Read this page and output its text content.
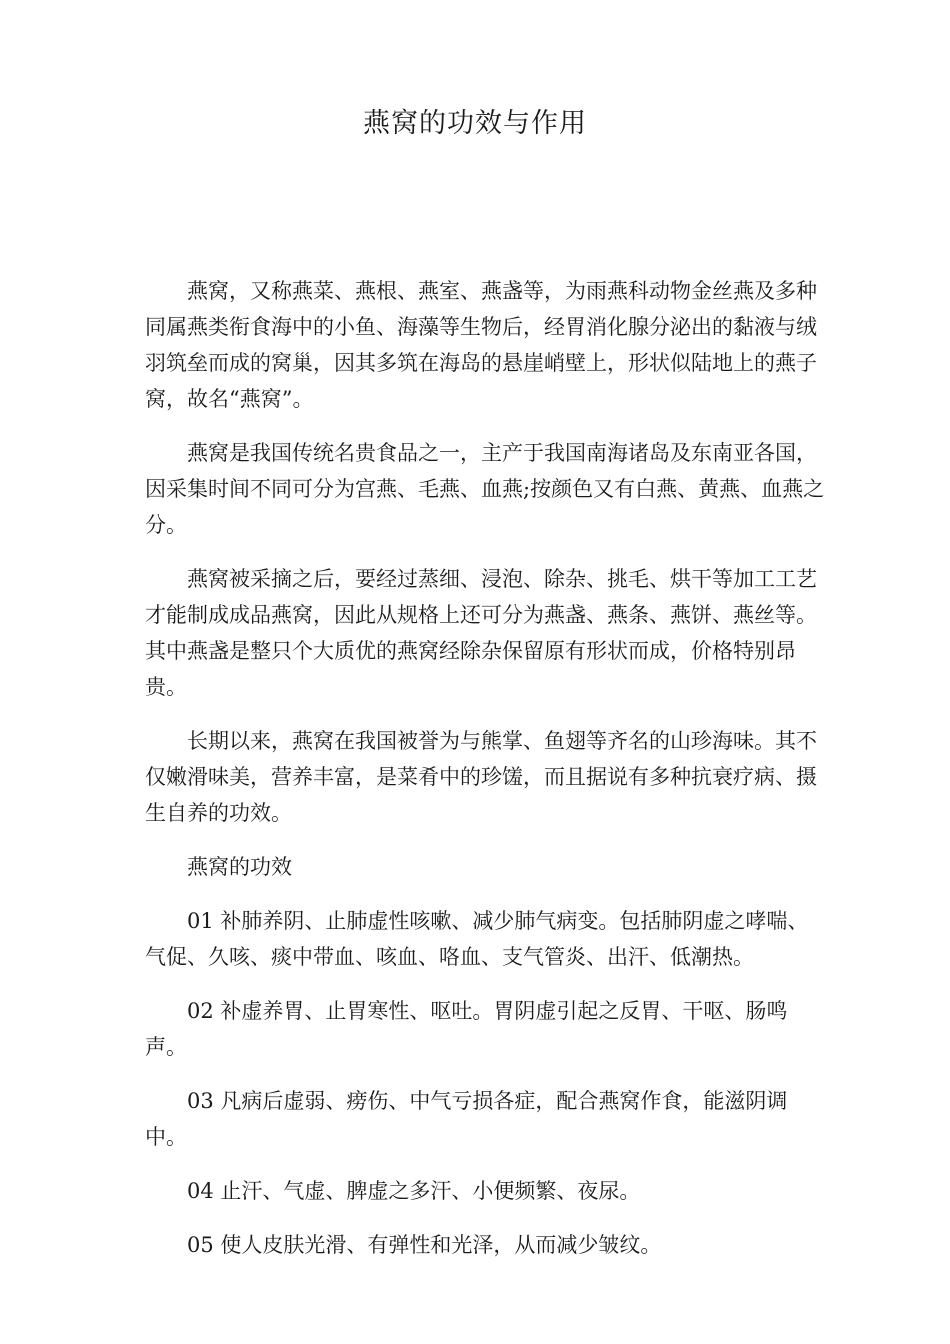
燕窝的功效与作用

燕窝，又称燕菜、燕根、燕室、燕盏等，为雨燕科动物金丝燕及多种同属燕类衔食海中的小鱼、海藻等生物后，经胃消化腺分泌出的黏液与绒羽筑垒而成的窝巢，因其多筑在海岛的悬崖峭壁上，形状似陆地上的燕子窝，故名“燕窝”。

燕窝是我国传统名贵食品之一，主产于我国南海诸岛及东南亚各国，因采集时间不同可分为宫燕、毛燕、血燕;按颜色又有白燕、黄燕、血燕之分。

燕窝被采摘之后，要经过蒸细、浸泡、除杂、挑毛、烘干等加工工艺才能制成成品燕窝，因此从规格上还可分为燕盏、燕条、燕饼、燕丝等。其中燕盏是整只个大质优的燕窝经除杂保留原有形状而成，价格特别昂贵。

长期以来，燕窝在我国被誉为与熊掌、鱼翅等齐名的山珍海味。其不仅嫩滑味美，营养丰富，是菜肴中的珍馐，而且据说有多种抗衰疗病、摄生自养的功效。

燕窝的功效

01 补肺养阴、止肺虚性咳嗽、减少肺气病变。包括肺阴虚之哮喘、气促、久咳、痰中带血、咳血、咯血、支气管炎、出汗、低潮热。

02 补虚养胃、止胃寒性、呕吐。胃阴虚引起之反胃、干呕、肠鸣声。

03 凡病后虚弱、痨伤、中气亏损各症，配合燕窝作食，能滋阴调中。

04 止汗、气虚、脾虚之多汗、小便频繁、夜尿。

05 使人皮肤光滑、有弹性和光泽，从而减少皱纹。
